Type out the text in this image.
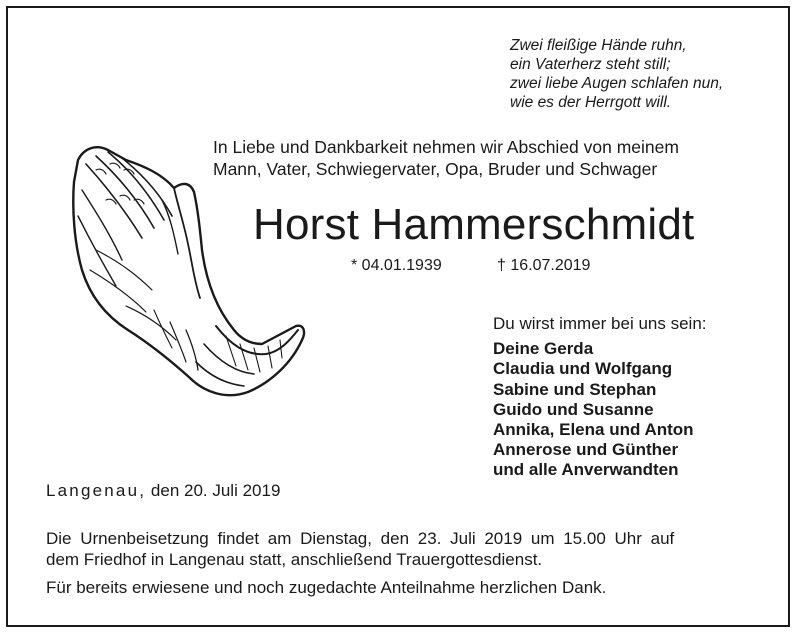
Zwei fleißige Hände ruhn,
ein Vaterherz steht still;
zwei liebe Augen schlafen nun,
wie es der Herrgott will.
In Liebe und Dankbarkeit nehmen wir Abschied von meinem
Mann, Vater, Schwiegervater, Opa, Bruder und Schwager
Horst Hammerschmidt
* 04.01.1939	† 16.07.2019
Du wirst immer bei uns sein:
Deine Gerda
Claudia und Wolfgang
Sabine und Stephan
Guido und Susanne
Annika, Elena und Anton
Annerose und Günther
und alle Anverwandten
Langenau, den 20. Juli 2019
Die Urnenbeisetzung findet am Dienstag, den 23. Juli 2019 um 15.00 Uhr auf
dem Friedhof in Langenau statt, anschließend Trauergottesdienst.
Für bereits erwiesene und noch zugedachte Anteilnahme herzlichen Dank.
